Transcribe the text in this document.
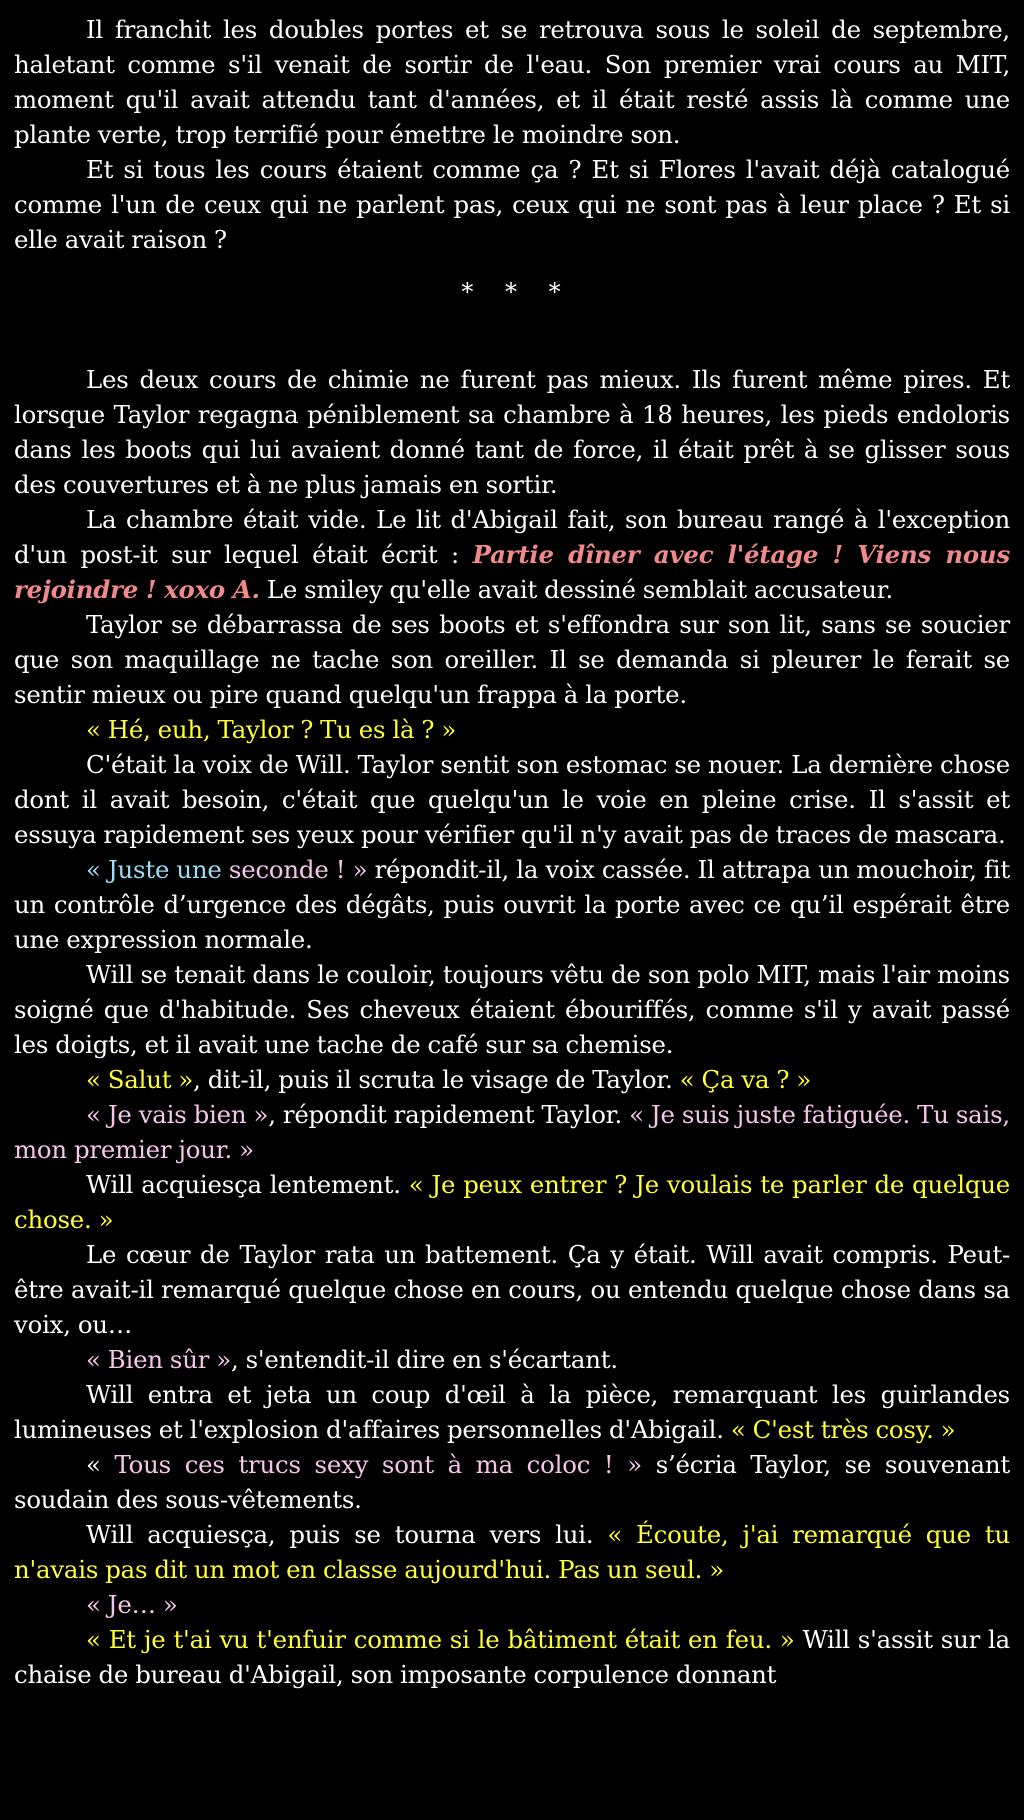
Il franchit les doubles portes et se retrouva sous le soleil de septembre, haletant comme s'il venait de sortir de l'eau. Son premier vrai cours au MIT, moment qu'il avait attendu tant d'années, et il était resté assis là comme une plante verte, trop terrifié pour émettre le moindre son.

Et si tous les cours étaient comme ça ? Et si Flores l'avait déjà catalogué comme l'un de ceux qui ne parlent pas, ceux qui ne sont pas à leur place ? Et si elle avait raison ?

* * *

Les deux cours de chimie ne furent pas mieux. Ils furent même pires. Et lorsque Taylor regagna péniblement sa chambre à 18 heures, les pieds endoloris dans les boots qui lui avaient donné tant de force, il était prêt à se glisser sous des couvertures et à ne plus jamais en sortir.

La chambre était vide. Le lit d'Abigail fait, son bureau rangé à l'exception d'un post-it sur lequel était écrit : Partie dîner avec l'étage ! Viens nous rejoindre ! xoxo A. Le smiley qu'elle avait dessiné semblait accusateur.

Taylor se débarrassa de ses boots et s'effondra sur son lit, sans se soucier que son maquillage ne tache son oreiller. Il se demanda si pleurer le ferait se sentir mieux ou pire quand quelqu'un frappa à la porte.

« Hé, euh, Taylor ? Tu es là ? »

C'était la voix de Will. Taylor sentit son estomac se nouer. La dernière chose dont il avait besoin, c'était que quelqu'un le voie en pleine crise. Il s'assit et essuya rapidement ses yeux pour vérifier qu'il n'y avait pas de traces de mascara.

« Juste une seconde ! » répondit-il, la voix cassée. Il attrapa un mouchoir, fit un contrôle d’urgence des dégâts, puis ouvrit la porte avec ce qu’il espérait être une expression normale.

Will se tenait dans le couloir, toujours vêtu de son polo MIT, mais l'air moins soigné que d'habitude. Ses cheveux étaient ébouriffés, comme s'il y avait passé les doigts, et il avait une tache de café sur sa chemise.

« Salut », dit-il, puis il scruta le visage de Taylor. « Ça va ? »

« Je vais bien », répondit rapidement Taylor. « Je suis juste fatiguée. Tu sais, mon premier jour. »

Will acquiesça lentement. « Je peux entrer ? Je voulais te parler de quelque chose. »

Le cœur de Taylor rata un battement. Ça y était. Will avait compris. Peut-être avait-il remarqué quelque chose en cours, ou entendu quelque chose dans sa voix, ou…

« Bien sûr », s'entendit-il dire en s'écartant.

Will entra et jeta un coup d'œil à la pièce, remarquant les guirlandes lumineuses et l'explosion d'affaires personnelles d'Abigail. « C'est très cosy. »

« Tous ces trucs sexy sont à ma coloc ! » s’écria Taylor, se souvenant soudain des sous-vêtements.

Will acquiesça, puis se tourna vers lui. « Écoute, j'ai remarqué que tu n'avais pas dit un mot en classe aujourd'hui. Pas un seul. »

« Je… »

« Et je t'ai vu t'enfuir comme si le bâtiment était en feu. » Will s'assit sur la chaise de bureau d'Abigail, son imposante corpulence donnant
